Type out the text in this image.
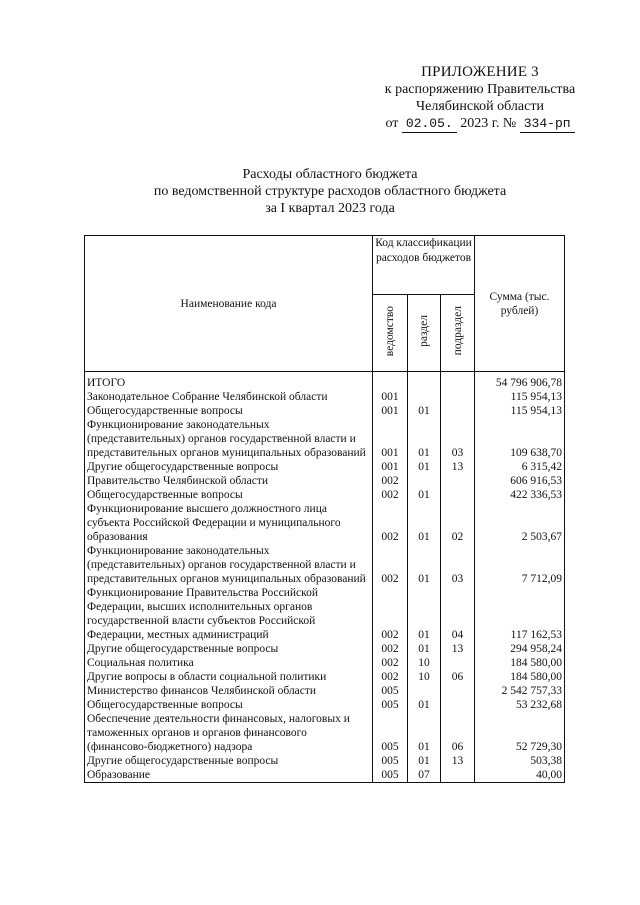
ПРИЛОЖЕНИЕ 3
к распоряжению Правительства
Челябинской области
от 02.05. 2023 г. № 334-рп
Расходы областного бюджета
по ведомственной структуре расходов областного бюджета
за I квартал 2023 года
Наименование кода	Код классификации расходов бюджетов			Сумма (тыс. рублей)
	ведомство	раздел	подраздел	
ИТОГО				54 796 906,78
Законодательное Собрание Челябинской области	001			115 954,13
Общегосударственные вопросы	001	01		115 954,13
Функционирование законодательных (представительных) органов государственной власти и представительных органов муниципальных образований	001	01	03	109 638,70
Другие общегосударственные вопросы	001	01	13	6 315,42
Правительство Челябинской области	002			606 916,53
Общегосударственные вопросы	002	01		422 336,53
Функционирование высшего должностного лица субъекта Российской Федерации и муниципального образования	002	01	02	2 503,67
Функционирование законодательных (представительных) органов государственной власти и представительных органов муниципальных образований	002	01	03	7 712,09
Функционирование Правительства Российской Федерации, высших исполнительных органов государственной власти субъектов Российской Федерации, местных администраций	002	01	04	117 162,53
Другие общегосударственные вопросы	002	01	13	294 958,24
Социальная политика	002	10		184 580,00
Другие вопросы в области социальной политики	002	10	06	184 580,00
Министерство финансов Челябинской области	005			2 542 757,33
Общегосударственные вопросы	005	01		53 232,68
Обеспечение деятельности финансовых, налоговых и таможенных органов и органов финансового (финансово-бюджетного) надзора	005	01	06	52 729,30
Другие общегосударственные вопросы	005	01	13	503,38
Образование	005	07		40,00
